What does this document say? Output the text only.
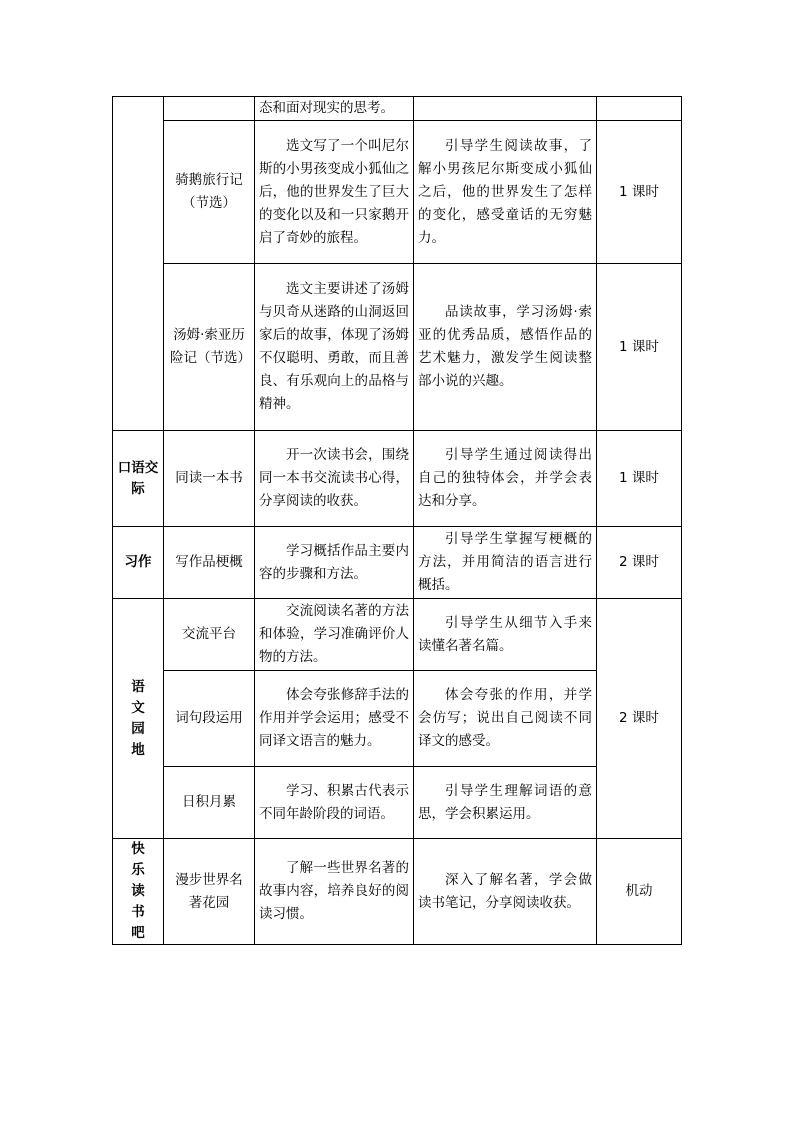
		态和面对现实的思考。		

	骑鹅旅行记（节选）	选文写了一个叫尼尔斯的小男孩变成小狐仙之后，他的世界发生了巨大的变化以及和一只家鹅开启了奇妙的旅程。	引导学生阅读故事，了解小男孩尼尔斯变成小狐仙之后，他的世界发生了怎样的变化，感受童话的无穷魅力。	1 课时
	汤姆·索亚历险记（节选）	选文主要讲述了汤姆与贝奇从迷路的山洞返回家后的故事，体现了汤姆不仅聪明、勇敢，而且善良、有乐观向上的品格与精神。	品读故事，学习汤姆·索亚的优秀品质，感悟作品的艺术魅力，激发学生阅读整部小说的兴趣。	1 课时
口语交际	同读一本书	开一次读书会，围绕同一本书交流读书心得，分享阅读的收获。	引导学生通过阅读得出自己的独特体会，并学会表达和分享。	1 课时
习作	写作品梗概	学习概括作品主要内容的步骤和方法。	引导学生掌握写梗概的方法，并用简洁的语言进行概括。	2 课时

语文园地	交流平台	交流阅读名著的方法和体验，学习准确评价人物的方法。	引导学生从细节入手来读懂名著名篇。	2 课时
	词句段运用	体会夸张修辞手法的作用并学会运用；感受不同译文语言的魅力。	体会夸张的作用，并学会仿写；说出自己阅读不同译文的感受。	

	日积月累	学习、积累古代表示不同年龄阶段的词语。	引导学生理解词语的意思，学会积累运用。	

快乐读书吧	漫步世界名著花园	了解一些世界名著的故事内容，培养良好的阅读习惯。	深入了解名著，学会做读书笔记，分享阅读收获。	机动
